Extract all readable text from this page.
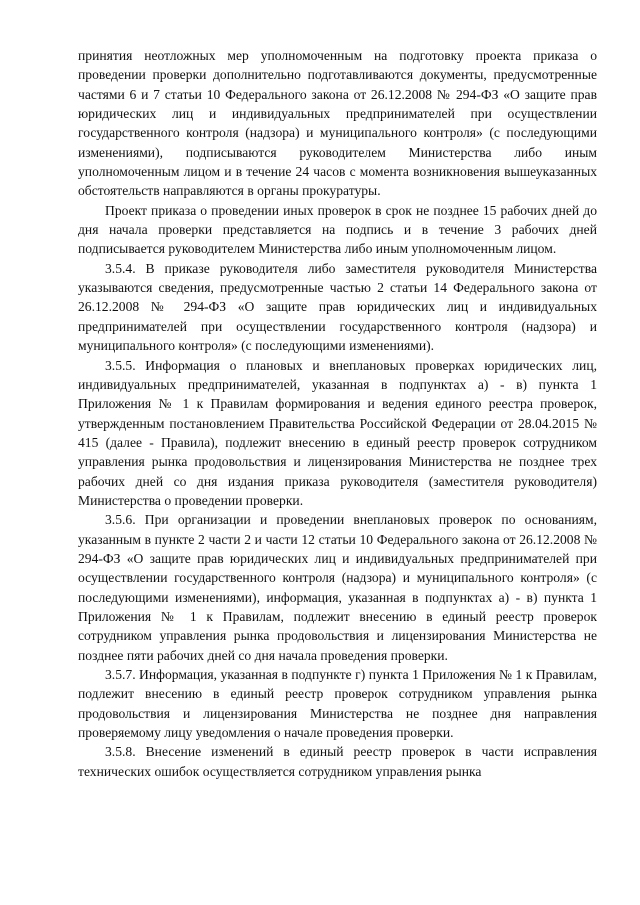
принятия неотложных мер уполномоченным на подготовку проекта приказа о проведении проверки дополнительно подготавливаются документы, предусмотренные частями 6 и 7 статьи 10 Федерального закона от 26.12.2008 № 294-ФЗ «О защите прав юридических лиц и индивидуальных предпринимателей при осуществлении государственного контроля (надзора) и муниципального контроля» (с последующими изменениями), подписываются руководителем Министерства либо иным уполномоченным лицом и в течение 24 часов с момента возникновения вышеуказанных обстоятельств направляются в органы прокуратуры.

Проект приказа о проведении иных проверок в срок не позднее 15 рабочих дней до дня начала проверки представляется на подпись и в течение 3 рабочих дней подписывается руководителем Министерства либо иным уполномоченным лицом.

3.5.4. В приказе руководителя либо заместителя руководителя Министерства указываются сведения, предусмотренные частью 2 статьи 14 Федерального закона от 26.12.2008 № 294-ФЗ «О защите прав юридических лиц и индивидуальных предпринимателей при осуществлении государственного контроля (надзора) и муниципального контроля» (с последующими изменениями).

3.5.5. Информация о плановых и внеплановых проверках юридических лиц, индивидуальных предпринимателей, указанная в подпунктах а) - в) пункта 1 Приложения № 1 к Правилам формирования и ведения единого реестра проверок, утвержденным постановлением Правительства Российской Федерации от 28.04.2015 № 415 (далее - Правила), подлежит внесению в единый реестр проверок сотрудником управления рынка продовольствия и лицензирования Министерства не позднее трех рабочих дней со дня издания приказа руководителя (заместителя руководителя) Министерства о проведении проверки.

3.5.6. При организации и проведении внеплановых проверок по основаниям, указанным в пункте 2 части 2 и части 12 статьи 10 Федерального закона от 26.12.2008 № 294-ФЗ «О защите прав юридических лиц и индивидуальных предпринимателей при осуществлении государственного контроля (надзора) и муниципального контроля» (с последующими изменениями), информация, указанная в подпунктах а) - в) пункта 1 Приложения № 1 к Правилам, подлежит внесению в единый реестр проверок сотрудником управления рынка продовольствия и лицензирования Министерства не позднее пяти рабочих дней со дня начала проведения проверки.

3.5.7. Информация, указанная в подпункте г) пункта 1 Приложения № 1 к Правилам, подлежит внесению в единый реестр проверок сотрудником управления рынка продовольствия и лицензирования Министерства не позднее дня направления проверяемому лицу уведомления о начале проведения проверки.

3.5.8. Внесение изменений в единый реестр проверок в части исправления технических ошибок осуществляется сотрудником управления рынка
